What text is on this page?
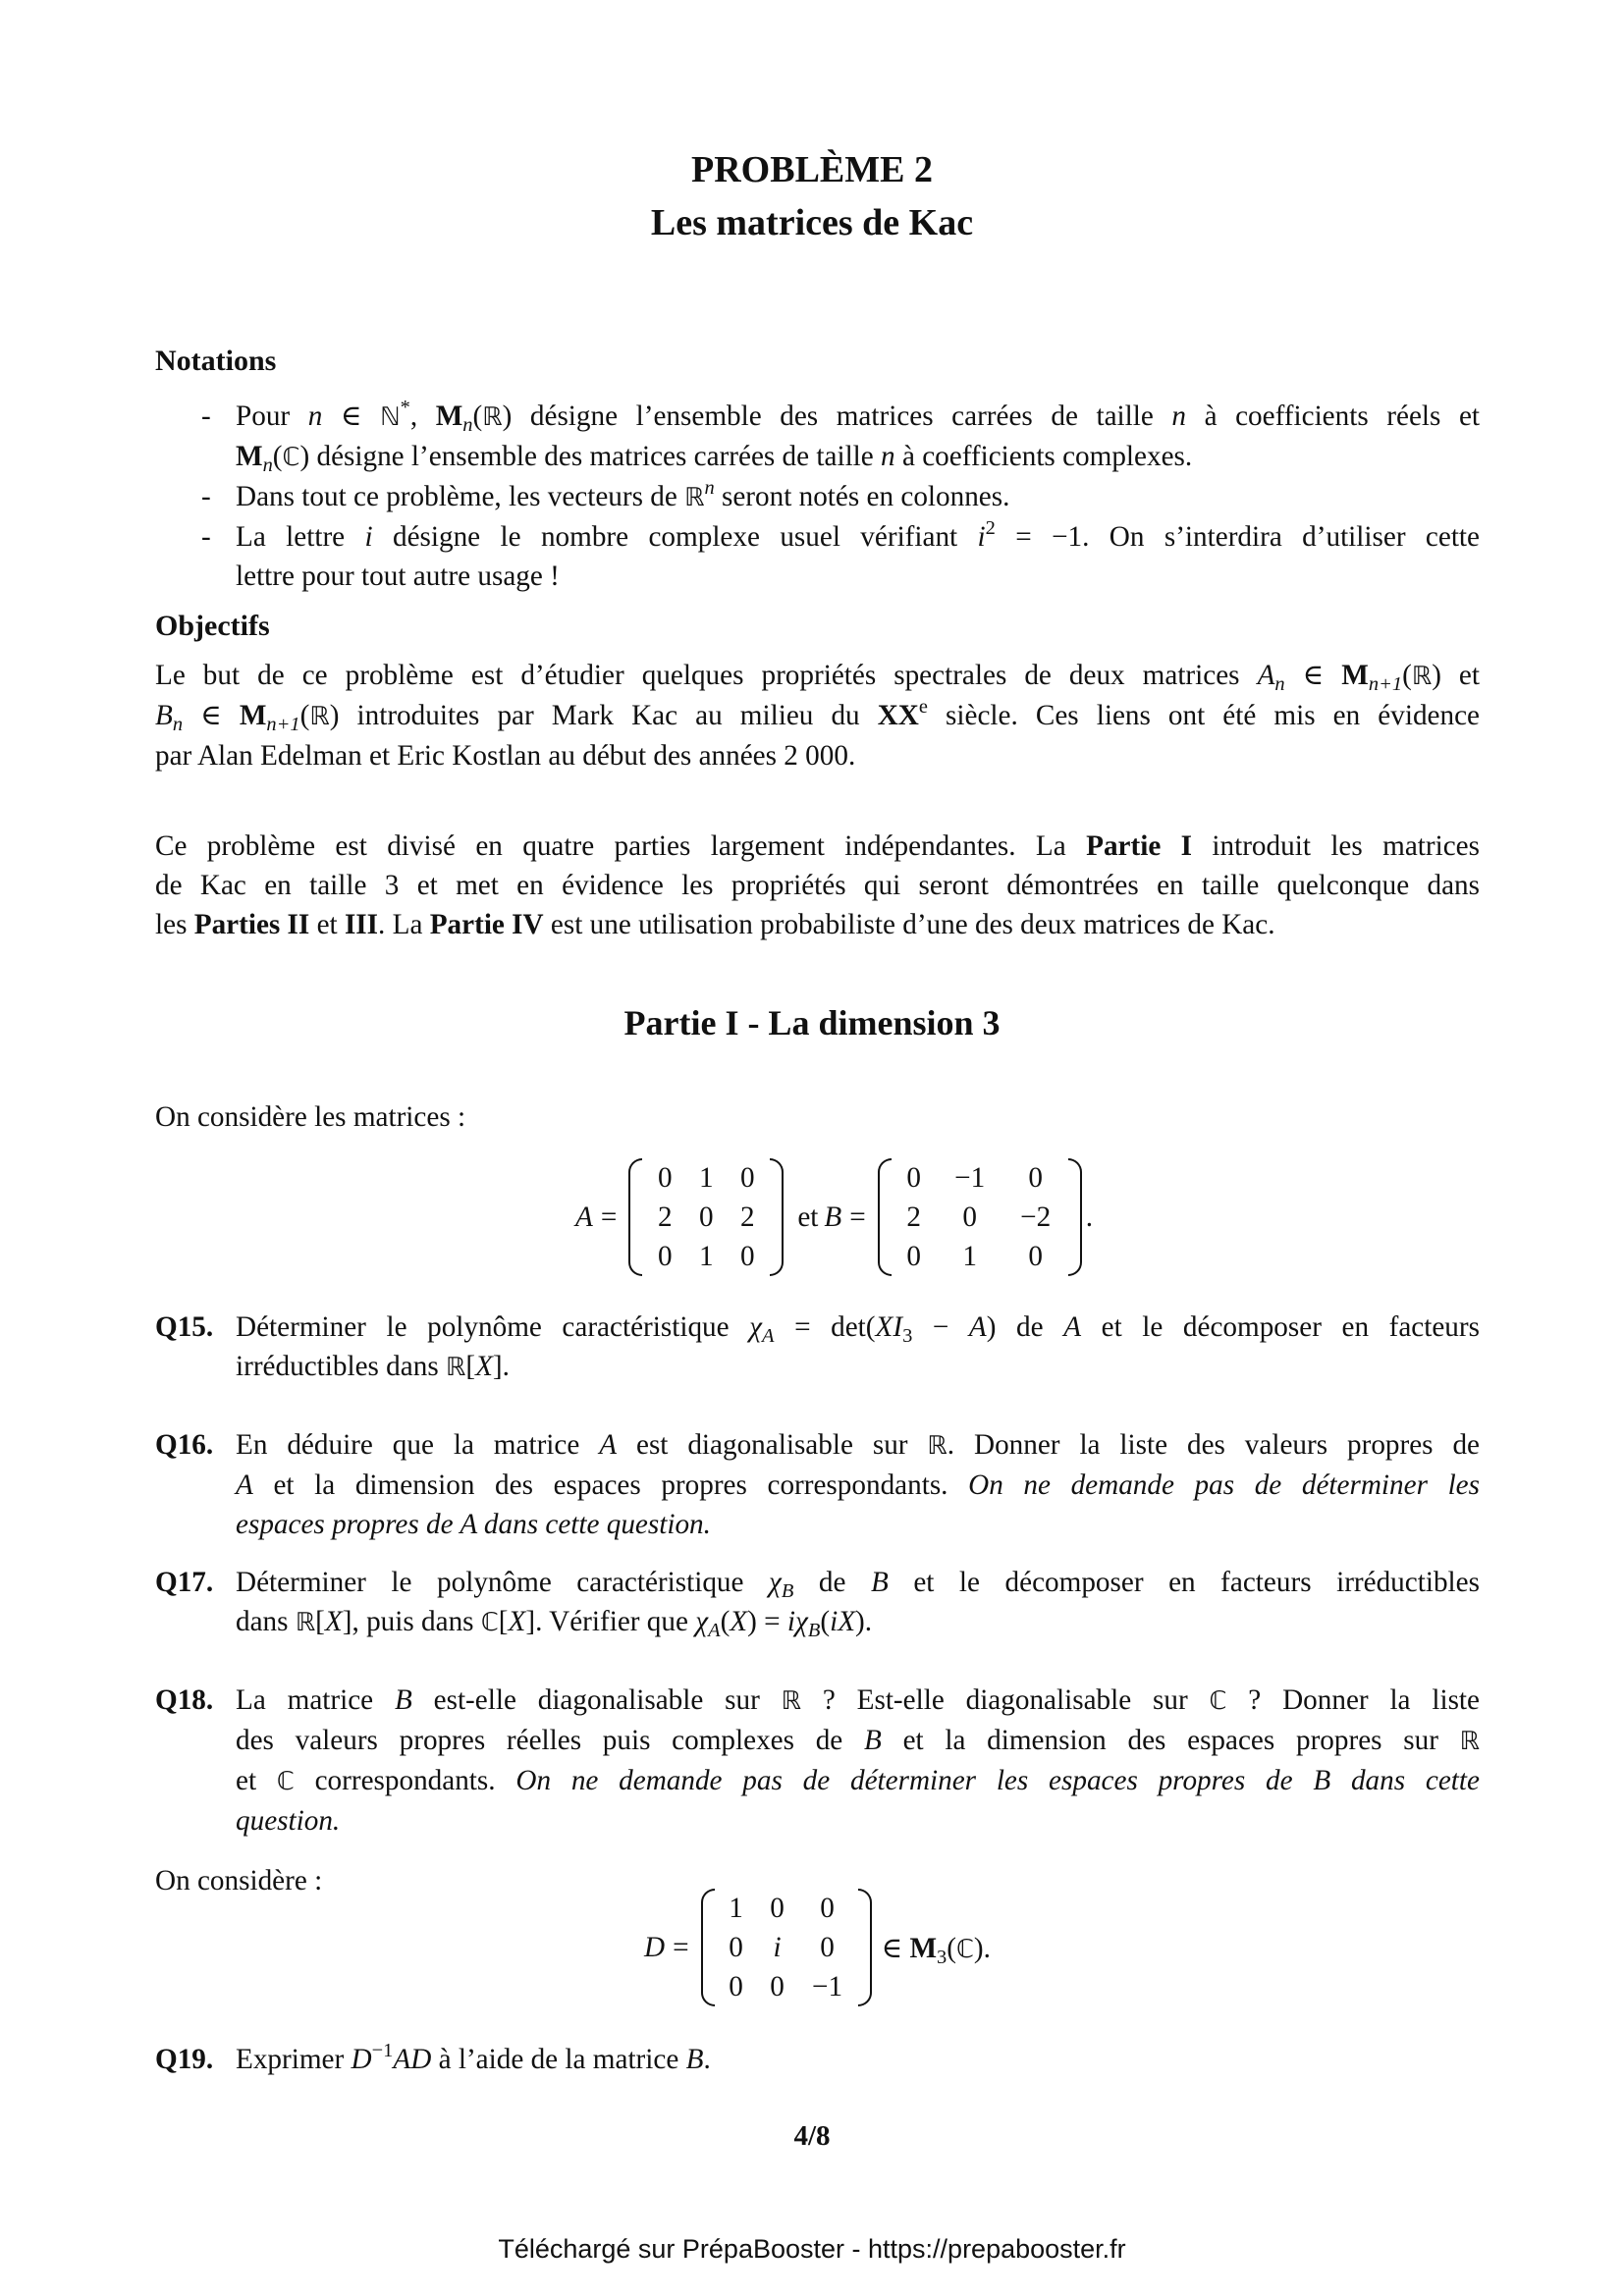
PROBLÈME 2
Les matrices de Kac
Notations
- Pour n ∈ ℕ*, $M_n(ℝ)$ désigne l’ensemble des matrices carrées de taille n à coefficients réels et
$M_n(ℂ)$ désigne l’ensemble des matrices carrées de taille n à coefficients complexes.
- Dans tout ce problème, les vecteurs de ℝ$^n$ seront notés en colonnes.
- La lettre i désigne le nombre complexe usuel vérifiant $i^2 = -1$. On s’interdira d’utiliser cette
lettre pour tout autre usage !
Objectifs
Le but de ce problème est d’étudier quelques propriétés spectrales de deux matrices $A_n$ ∈ $M_{n+1}(ℝ)$ et
$B_n$ ∈ $M_{n+1}(ℝ)$ introduites par Mark Kac au milieu du XXe siècle. Ces liens ont été mis en évidence
par Alan Edelman et Eric Kostlan au début des années 2 000.
Ce problème est divisé en quatre parties largement indépendantes. La Partie I introduit les matrices
de Kac en taille 3 et met en évidence les propriétés qui seront démontrées en taille quelconque dans
les Parties II et III. La Partie IV est une utilisation probabiliste d’une des deux matrices de Kac.
Partie I - La dimension 3
On considère les matrices :
A =
0 1 0
2 0 2
0 1 0
et B =
0	−1	0
2	0	−2
0	1	0
.
Q15. Déterminer le polynôme caractéristique $\chi_A = \det(XI_3 - A)$ de A et le décomposer en facteurs
irréductibles dans ℝ[X].
Q16. En déduire que la matrice A est diagonalisable sur ℝ. Donner la liste des valeurs propres de
A et la dimension des espaces propres correspondants. On ne demande pas de déterminer les
espaces propres de A dans cette question.
Q17. Déterminer le polynôme caractéristique $\chi_B$ de B et le décomposer en facteurs irréductibles
dans ℝ[X], puis dans ℂ[X]. Vérifier que $\chi_A(X) = i\chi_B(iX)$.
Q18. La matrice B est-elle diagonalisable sur ℝ ? Est-elle diagonalisable sur ℂ ? Donner la liste
des valeurs propres réelles puis complexes de B et la dimension des espaces propres sur ℝ
et ℂ correspondants. On ne demande pas de déterminer les espaces propres de B dans cette
question.
On considère :
D =
1 0	0
0	i	0
0 0 −1
∈ $M_3(ℂ)$.
Q19. Exprimer $D^{-1}AD$ à l’aide de la matrice B.
4/8
Téléchargé sur PrépaBooster - https://prepabooster.fr
